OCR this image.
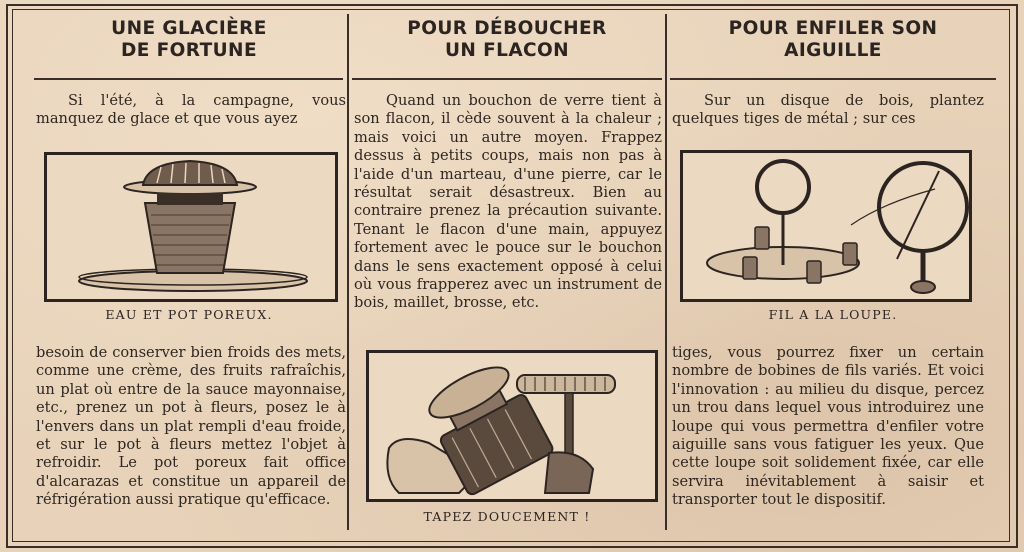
UNE GLACIÈRE
DE FORTUNE
Si l'été, à la campagne, vous manquez de glace et que vous ayez
EAU ET POT POREUX.
besoin de conserver bien froids des mets, comme une crème, des fruits rafraîchis, un plat où entre de la sauce mayonnaise, etc., prenez un pot à fleurs, posez le à l'envers dans un plat rempli d'eau froide, et sur le pot à fleurs mettez l'objet à refroidir. Le pot poreux fait office d'alcarazas et constitue un appareil de réfrigération aussi pratique qu'efficace.
POUR DÉBOUCHER
UN FLACON
Quand un bouchon de verre tient à son flacon, il cède souvent à la chaleur ; mais voici un autre moyen. Frappez dessus à petits coups, mais non pas à l'aide d'un marteau, d'une pierre, car le résultat serait désastreux. Bien au contraire prenez la précaution suivante. Tenant le flacon d'une main, appuyez fortement avec le pouce sur le bouchon dans le sens exactement opposé à celui où vous frapperez avec un instrument de bois, maillet, brosse, etc.
TAPEZ DOUCEMENT !
POUR ENFILER SON
AIGUILLE
Sur un disque de bois, plantez quelques tiges de métal ; sur ces
FIL A LA LOUPE.
tiges, vous pourrez fixer un certain nombre de bobines de fils variés. Et voici l'innovation : au milieu du disque, percez un trou dans lequel vous introduirez une loupe qui vous permettra d'enfiler votre aiguille sans vous fatiguer les yeux. Que cette loupe soit solidement fixée, car elle servira inévitablement à saisir et transporter tout le dispositif.
